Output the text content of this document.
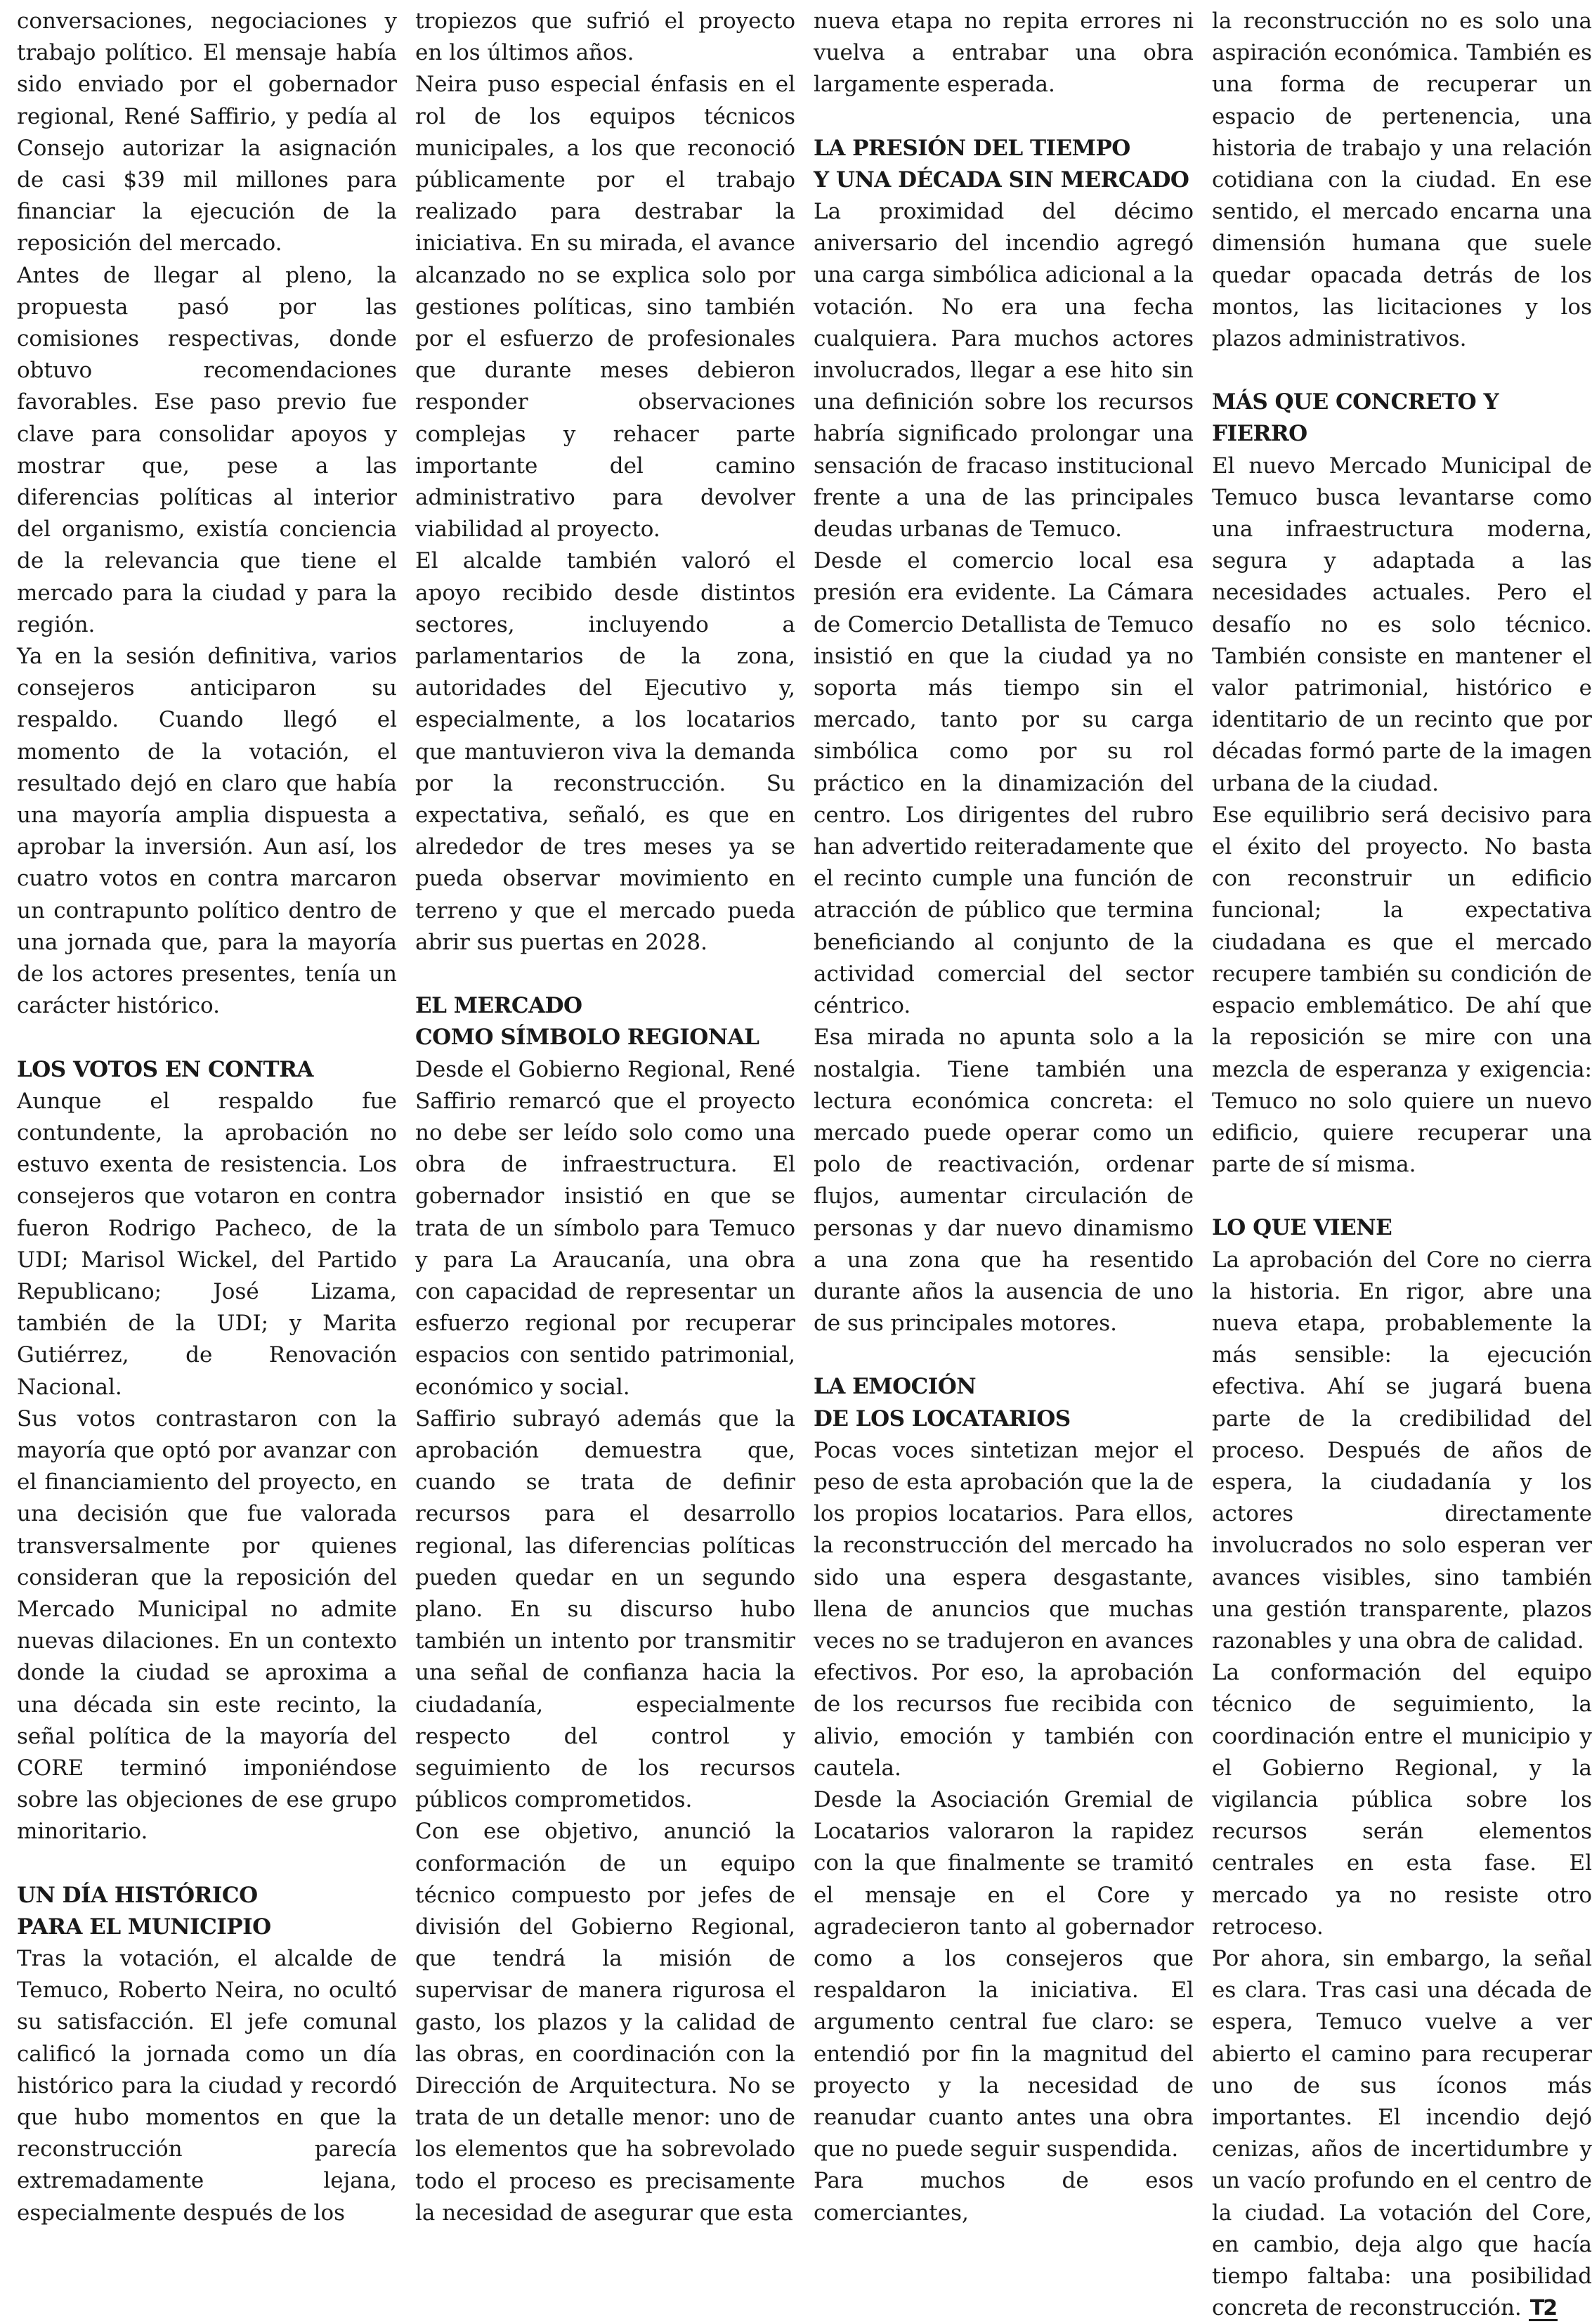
conversaciones, negociaciones y trabajo político. El mensaje había sido enviado por el gobernador regional, René Saffirio, y pedía al Consejo autorizar la asignación de casi $39 mil millones para financiar la ejecución de la reposición del mercado.

Antes de llegar al pleno, la propuesta pasó por las comisiones respectivas, donde obtuvo recomendaciones favorables. Ese paso previo fue clave para consolidar apoyos y mostrar que, pese a las diferencias políticas al interior del organismo, existía conciencia de la relevancia que tiene el mercado para la ciudad y para la región.

Ya en la sesión definitiva, varios consejeros anticiparon su respaldo. Cuando llegó el momento de la votación, el resultado dejó en claro que había una mayoría amplia dispuesta a aprobar la inversión. Aun así, los cuatro votos en contra marcaron un contrapunto político dentro de una jornada que, para la mayoría de los actores presentes, tenía un carácter histórico.

LOS VOTOS EN CONTRA

Aunque el respaldo fue contundente, la aprobación no estuvo exenta de resistencia. Los consejeros que votaron en contra fueron Rodrigo Pacheco, de la UDI; Marisol Wickel, del Partido Republicano; José Lizama, también de la UDI; y Marita Gutiérrez, de Renovación Nacional.

Sus votos contrastaron con la mayoría que optó por avanzar con el financiamiento del proyecto, en una decisión que fue valorada transversalmente por quienes consideran que la reposición del Mercado Municipal no admite nuevas dilaciones. En un contexto donde la ciudad se aproxima a una década sin este recinto, la señal política de la mayoría del CORE terminó imponiéndose sobre las objeciones de ese grupo minoritario.

UN DÍA HISTÓRICO
PARA EL MUNICIPIO

Tras la votación, el alcalde de Temuco, Roberto Neira, no ocultó su satisfacción. El jefe comunal calificó la jornada como un día histórico para la ciudad y recordó que hubo momentos en que la reconstrucción parecía extremadamente lejana, especialmente después de los

tropiezos que sufrió el proyecto en los últimos años.

Neira puso especial énfasis en el rol de los equipos técnicos municipales, a los que reconoció públicamente por el trabajo realizado para destrabar la iniciativa. En su mirada, el avance alcanzado no se explica solo por gestiones políticas, sino también por el esfuerzo de profesionales que durante meses debieron responder observaciones complejas y rehacer parte importante del camino administrativo para devolver viabilidad al proyecto.

El alcalde también valoró el apoyo recibido desde distintos sectores, incluyendo a parlamentarios de la zona, autoridades del Ejecutivo y, especialmente, a los locatarios que mantuvieron viva la demanda por la reconstrucción. Su expectativa, señaló, es que en alrededor de tres meses ya se pueda observar movimiento en terreno y que el mercado pueda abrir sus puertas en 2028.

EL MERCADO
COMO SÍMBOLO REGIONAL

Desde el Gobierno Regional, René Saffirio remarcó que el proyecto no debe ser leído solo como una obra de infraestructura. El gobernador insistió en que se trata de un símbolo para Temuco y para La Araucanía, una obra con capacidad de representar un esfuerzo regional por recuperar espacios con sentido patrimonial, económico y social.

Saffirio subrayó además que la aprobación demuestra que, cuando se trata de definir recursos para el desarrollo regional, las diferencias políticas pueden quedar en un segundo plano. En su discurso hubo también un intento por transmitir una señal de confianza hacia la ciudadanía, especialmente respecto del control y seguimiento de los recursos públicos comprometidos.

Con ese objetivo, anunció la conformación de un equipo técnico compuesto por jefes de división del Gobierno Regional, que tendrá la misión de supervisar de manera rigurosa el gasto, los plazos y la calidad de las obras, en coordinación con la Dirección de Arquitectura. No se trata de un detalle menor: uno de los elementos que ha sobrevolado todo el proceso es precisamente la necesidad de asegurar que esta

nueva etapa no repita errores ni vuelva a entrabar una obra largamente esperada.

LA PRESIÓN DEL TIEMPO
Y UNA DÉCADA SIN MERCADO

La proximidad del décimo aniversario del incendio agregó una carga simbólica adicional a la votación. No era una fecha cualquiera. Para muchos actores involucrados, llegar a ese hito sin una definición sobre los recursos habría significado prolongar una sensación de fracaso institucional frente a una de las principales deudas urbanas de Temuco.

Desde el comercio local esa presión era evidente. La Cámara de Comercio Detallista de Temuco insistió en que la ciudad ya no soporta más tiempo sin el mercado, tanto por su carga simbólica como por su rol práctico en la dinamización del centro. Los dirigentes del rubro han advertido reiteradamente que el recinto cumple una función de atracción de público que termina beneficiando al conjunto de la actividad comercial del sector céntrico.

Esa mirada no apunta solo a la nostalgia. Tiene también una lectura económica concreta: el mercado puede operar como un polo de reactivación, ordenar flujos, aumentar circulación de personas y dar nuevo dinamismo a una zona que ha resentido durante años la ausencia de uno de sus principales motores.

LA EMOCIÓN
DE LOS LOCATARIOS

Pocas voces sintetizan mejor el peso de esta aprobación que la de los propios locatarios. Para ellos, la reconstrucción del mercado ha sido una espera desgastante, llena de anuncios que muchas veces no se tradujeron en avances efectivos. Por eso, la aprobación de los recursos fue recibida con alivio, emoción y también con cautela.

Desde la Asociación Gremial de Locatarios valoraron la rapidez con la que finalmente se tramitó el mensaje en el Core y agradecieron tanto al gobernador como a los consejeros que respaldaron la iniciativa. El argumento central fue claro: se entendió por fin la magnitud del proyecto y la necesidad de reanudar cuanto antes una obra que no puede seguir suspendida.

Para muchos de esos comerciantes,

la reconstrucción no es solo una aspiración económica. También es una forma de recuperar un espacio de pertenencia, una historia de trabajo y una relación cotidiana con la ciudad. En ese sentido, el mercado encarna una dimensión humana que suele quedar opacada detrás de los montos, las licitaciones y los plazos administrativos.

MÁS QUE CONCRETO Y FIERRO

El nuevo Mercado Municipal de Temuco busca levantarse como una infraestructura moderna, segura y adaptada a las necesidades actuales. Pero el desafío no es solo técnico. También consiste en mantener el valor patrimonial, histórico e identitario de un recinto que por décadas formó parte de la imagen urbana de la ciudad.

Ese equilibrio será decisivo para el éxito del proyecto. No basta con reconstruir un edificio funcional; la expectativa ciudadana es que el mercado recupere también su condición de espacio emblemático. De ahí que la reposición se mire con una mezcla de esperanza y exigencia: Temuco no solo quiere un nuevo edificio, quiere recuperar una parte de sí misma.

LO QUE VIENE

La aprobación del Core no cierra la historia. En rigor, abre una nueva etapa, probablemente la más sensible: la ejecución efectiva. Ahí se jugará buena parte de la credibilidad del proceso. Después de años de espera, la ciudadanía y los actores directamente involucrados no solo esperan ver avances visibles, sino también una gestión transparente, plazos razonables y una obra de calidad.

La conformación del equipo técnico de seguimiento, la coordinación entre el municipio y el Gobierno Regional, y la vigilancia pública sobre los recursos serán elementos centrales en esta fase. El mercado ya no resiste otro retroceso.

Por ahora, sin embargo, la señal es clara. Tras casi una década de espera, Temuco vuelve a ver abierto el camino para recuperar uno de sus íconos más importantes. El incendio dejó cenizas, años de incertidumbre y un vacío profundo en el centro de la ciudad. La votación del Core, en cambio, deja algo que hacía tiempo faltaba: una posibilidad concreta de reconstrucción. T2
